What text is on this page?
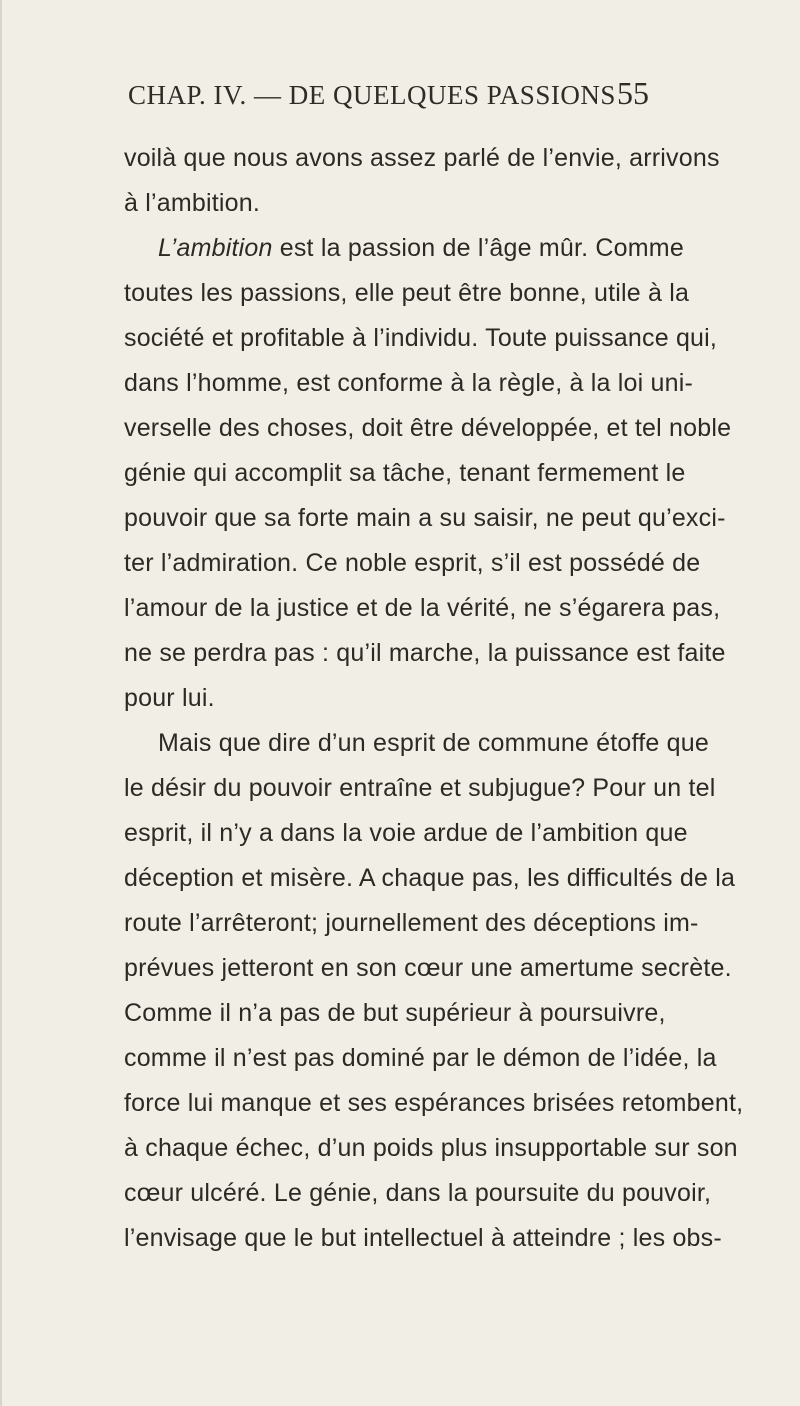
CHAP. IV. — DE QUELQUES PASSIONS 55
voilà que nous avons assez parlé de l’envie, arrivons
à l’ambition.
L’ambition est la passion de l’âge mûr. Comme
toutes les passions, elle peut être bonne, utile à la
société et profitable à l’individu. Toute puissance qui,
dans l’homme, est conforme à la règle, à la loi uni-
verselle des choses, doit être développée, et tel noble
génie qui accomplit sa tâche, tenant fermement le
pouvoir que sa forte main a su saisir, ne peut qu’exci-
ter l’admiration. Ce noble esprit, s’il est possédé de
l’amour de la justice et de la vérité, ne s’égarera pas,
ne se perdra pas : qu’il marche, la puissance est faite
pour lui.
Mais que dire d’un esprit de commune étoffe que
le désir du pouvoir entraîne et subjugue? Pour un tel
esprit, il n’y a dans la voie ardue de l’ambition que
déception et misère. A chaque pas, les difficultés de la
route l’arrêteront; journellement des déceptions im-
prévues jetteront en son cœur une amertume secrète.
Comme il n’a pas de but supérieur à poursuivre,
comme il n’est pas dominé par le démon de l’idée, la
force lui manque et ses espérances brisées retombent,
à chaque échec, d’un poids plus insupportable sur son
cœur ulcéré. Le génie, dans la poursuite du pouvoir,
l’envisage que le but intellectuel à atteindre ; les obs-
